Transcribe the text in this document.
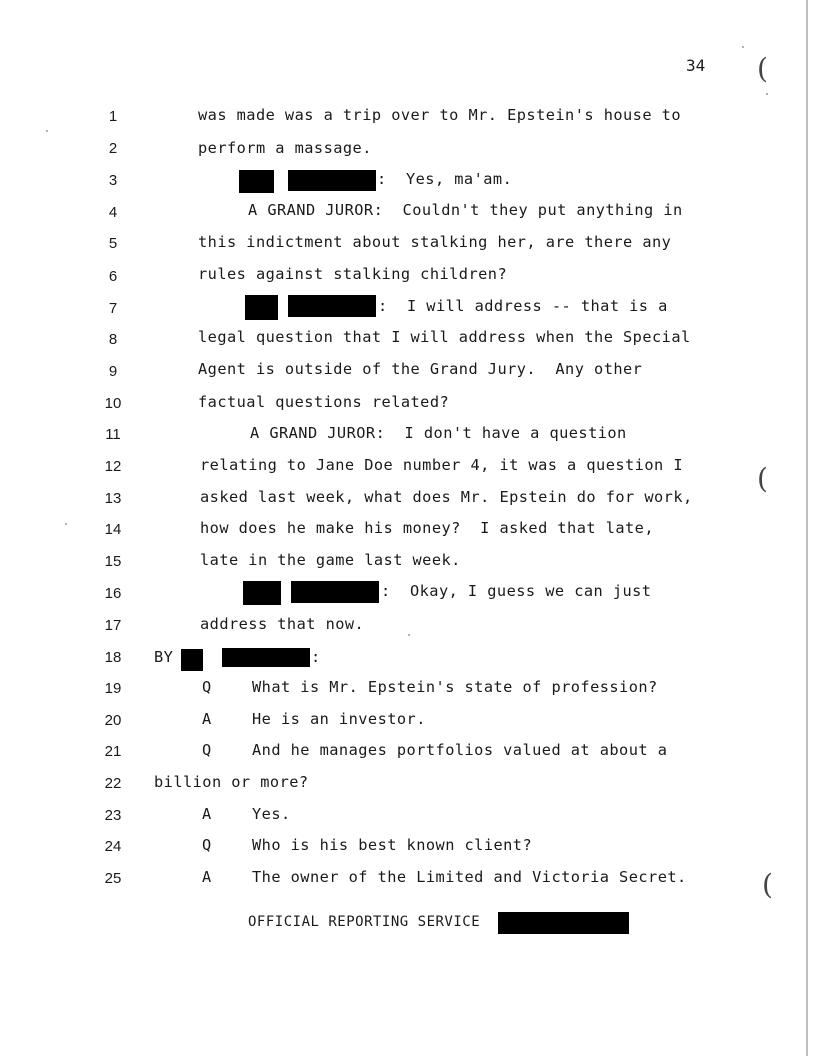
34
1
2
3
4
5
6
7
8
9
10
11
12
13
14
15
16
17
18
19
20
21
22
23
24
25
was made was a trip over to Mr. Epstein's house to
perform a massage.
:  Yes, ma'am.
A GRAND JUROR:  Couldn't they put anything in
this indictment about stalking her, are there any
rules against stalking children?
:  I will address -- that is a
legal question that I will address when the Special
Agent is outside of the Grand Jury.  Any other
factual questions related?
A GRAND JUROR:  I don't have a question
relating to Jane Doe number 4, it was a question I
asked last week, what does Mr. Epstein do for work,
how does he make his money?  I asked that late,
late in the game last week.
:  Okay, I guess we can just
address that now.
BY	:
Q	What is Mr. Epstein's state of profession?
A	He is an investor.
Q	And he manages portfolios valued at about a
billion or more?
A	Yes.
Q	Who is his best known client?
A	The owner of the Limited and Victoria Secret.
OFFICIAL REPORTING SERVICE
(
(
(
